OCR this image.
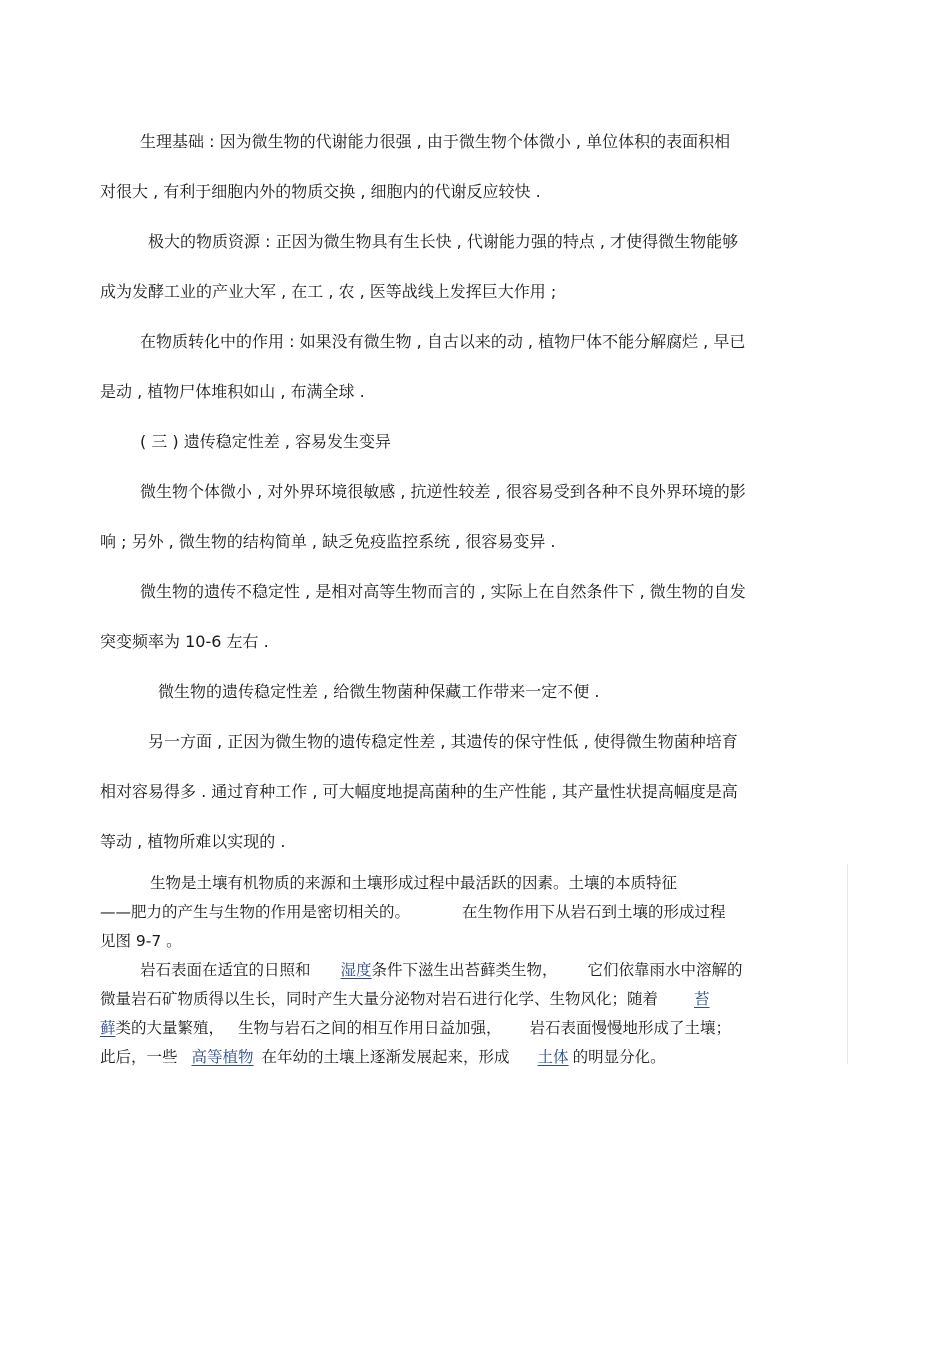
生理基础 : 因为微生物的代谢能力很强 , 由于微生物个体微小 , 单位体积的表面积相
对很大 , 有利于细胞内外的物质交换 , 细胞内的代谢反应较快 .
极大的物质资源 : 正因为微生物具有生长快 , 代谢能力强的特点 , 才使得微生物能够
成为发酵工业的产业大军 , 在工 , 农 , 医等战线上发挥巨大作用 ;
在物质转化中的作用 : 如果没有微生物 , 自古以来的动 , 植物尸体不能分解腐烂 , 早已
是动 , 植物尸体堆积如山 , 布满全球 .
( 三 ) 遗传稳定性差 , 容易发生变异
微生物个体微小 , 对外界环境很敏感 , 抗逆性较差 , 很容易受到各种不良外界环境的影
响 ; 另外 , 微生物的结构简单 , 缺乏免疫监控系统 , 很容易变异 .
微生物的遗传不稳定性 , 是相对高等生物而言的 , 实际上在自然条件下 , 微生物的自发
突变频率为 10-6 左右 .
微生物的遗传稳定性差 , 给微生物菌种保藏工作带来一定不便 .
另一方面 , 正因为微生物的遗传稳定性差 , 其遗传的保守性低 , 使得微生物菌种培育
相对容易得多 . 通过育种工作 , 可大幅度地提高菌种的生产性能 , 其产量性状提高幅度是高
等动 , 植物所难以实现的 .
生物是土壤有机物质的来源和土壤形成过程中最活跃的因素。土壤的本质特征
——肥力的产生与生物的作用是密切相关的。	在生物作用下从岩石到土壤的形成过程
见图 9-7 。
岩石表面在适宜的日照和 湿度条件下滋生出苔藓类生物， 它们依靠雨水中溶解的
微量岩石矿物质得以生长，同时产生大量分泌物对岩石进行化学、生物风化；随着 苔
藓类的大量繁殖， 生物与岩石之间的相互作用日益加强， 岩石表面慢慢地形成了土壤；
此后，一些 高等植物 在年幼的土壤上逐渐发展起来，形成 土体 的明显分化。
